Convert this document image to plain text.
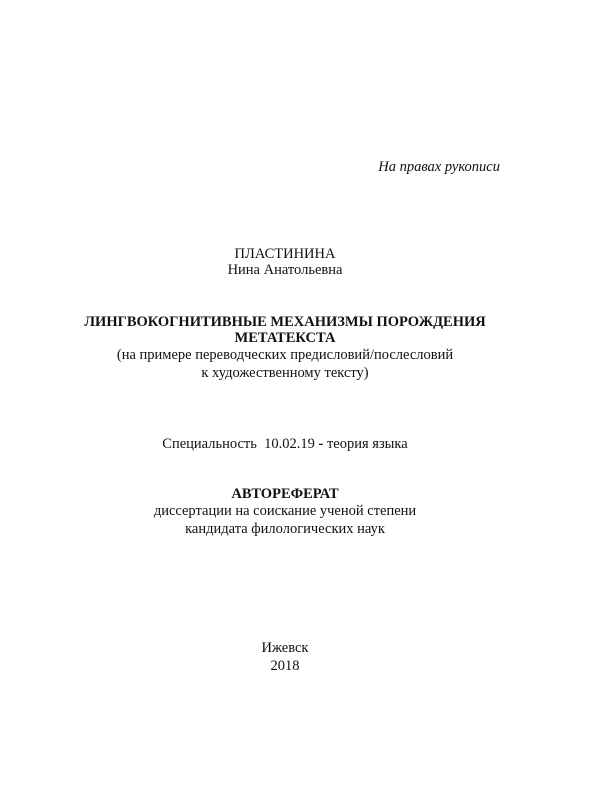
На правах рукописи
ПЛАСТИНИНА
Нина Анатольевна
ЛИНГВОКОГНИТИВНЫЕ МЕХАНИЗМЫ ПОРОЖДЕНИЯ
МЕТАТЕКСТА
(на примере переводческих предисловий/послесловий
к художественному тексту)
Специальность 10.02.19 - теория языка
АВТОРЕФЕРАТ
диссертации на соискание ученой степени
кандидата филологических наук
Ижевск
2018
